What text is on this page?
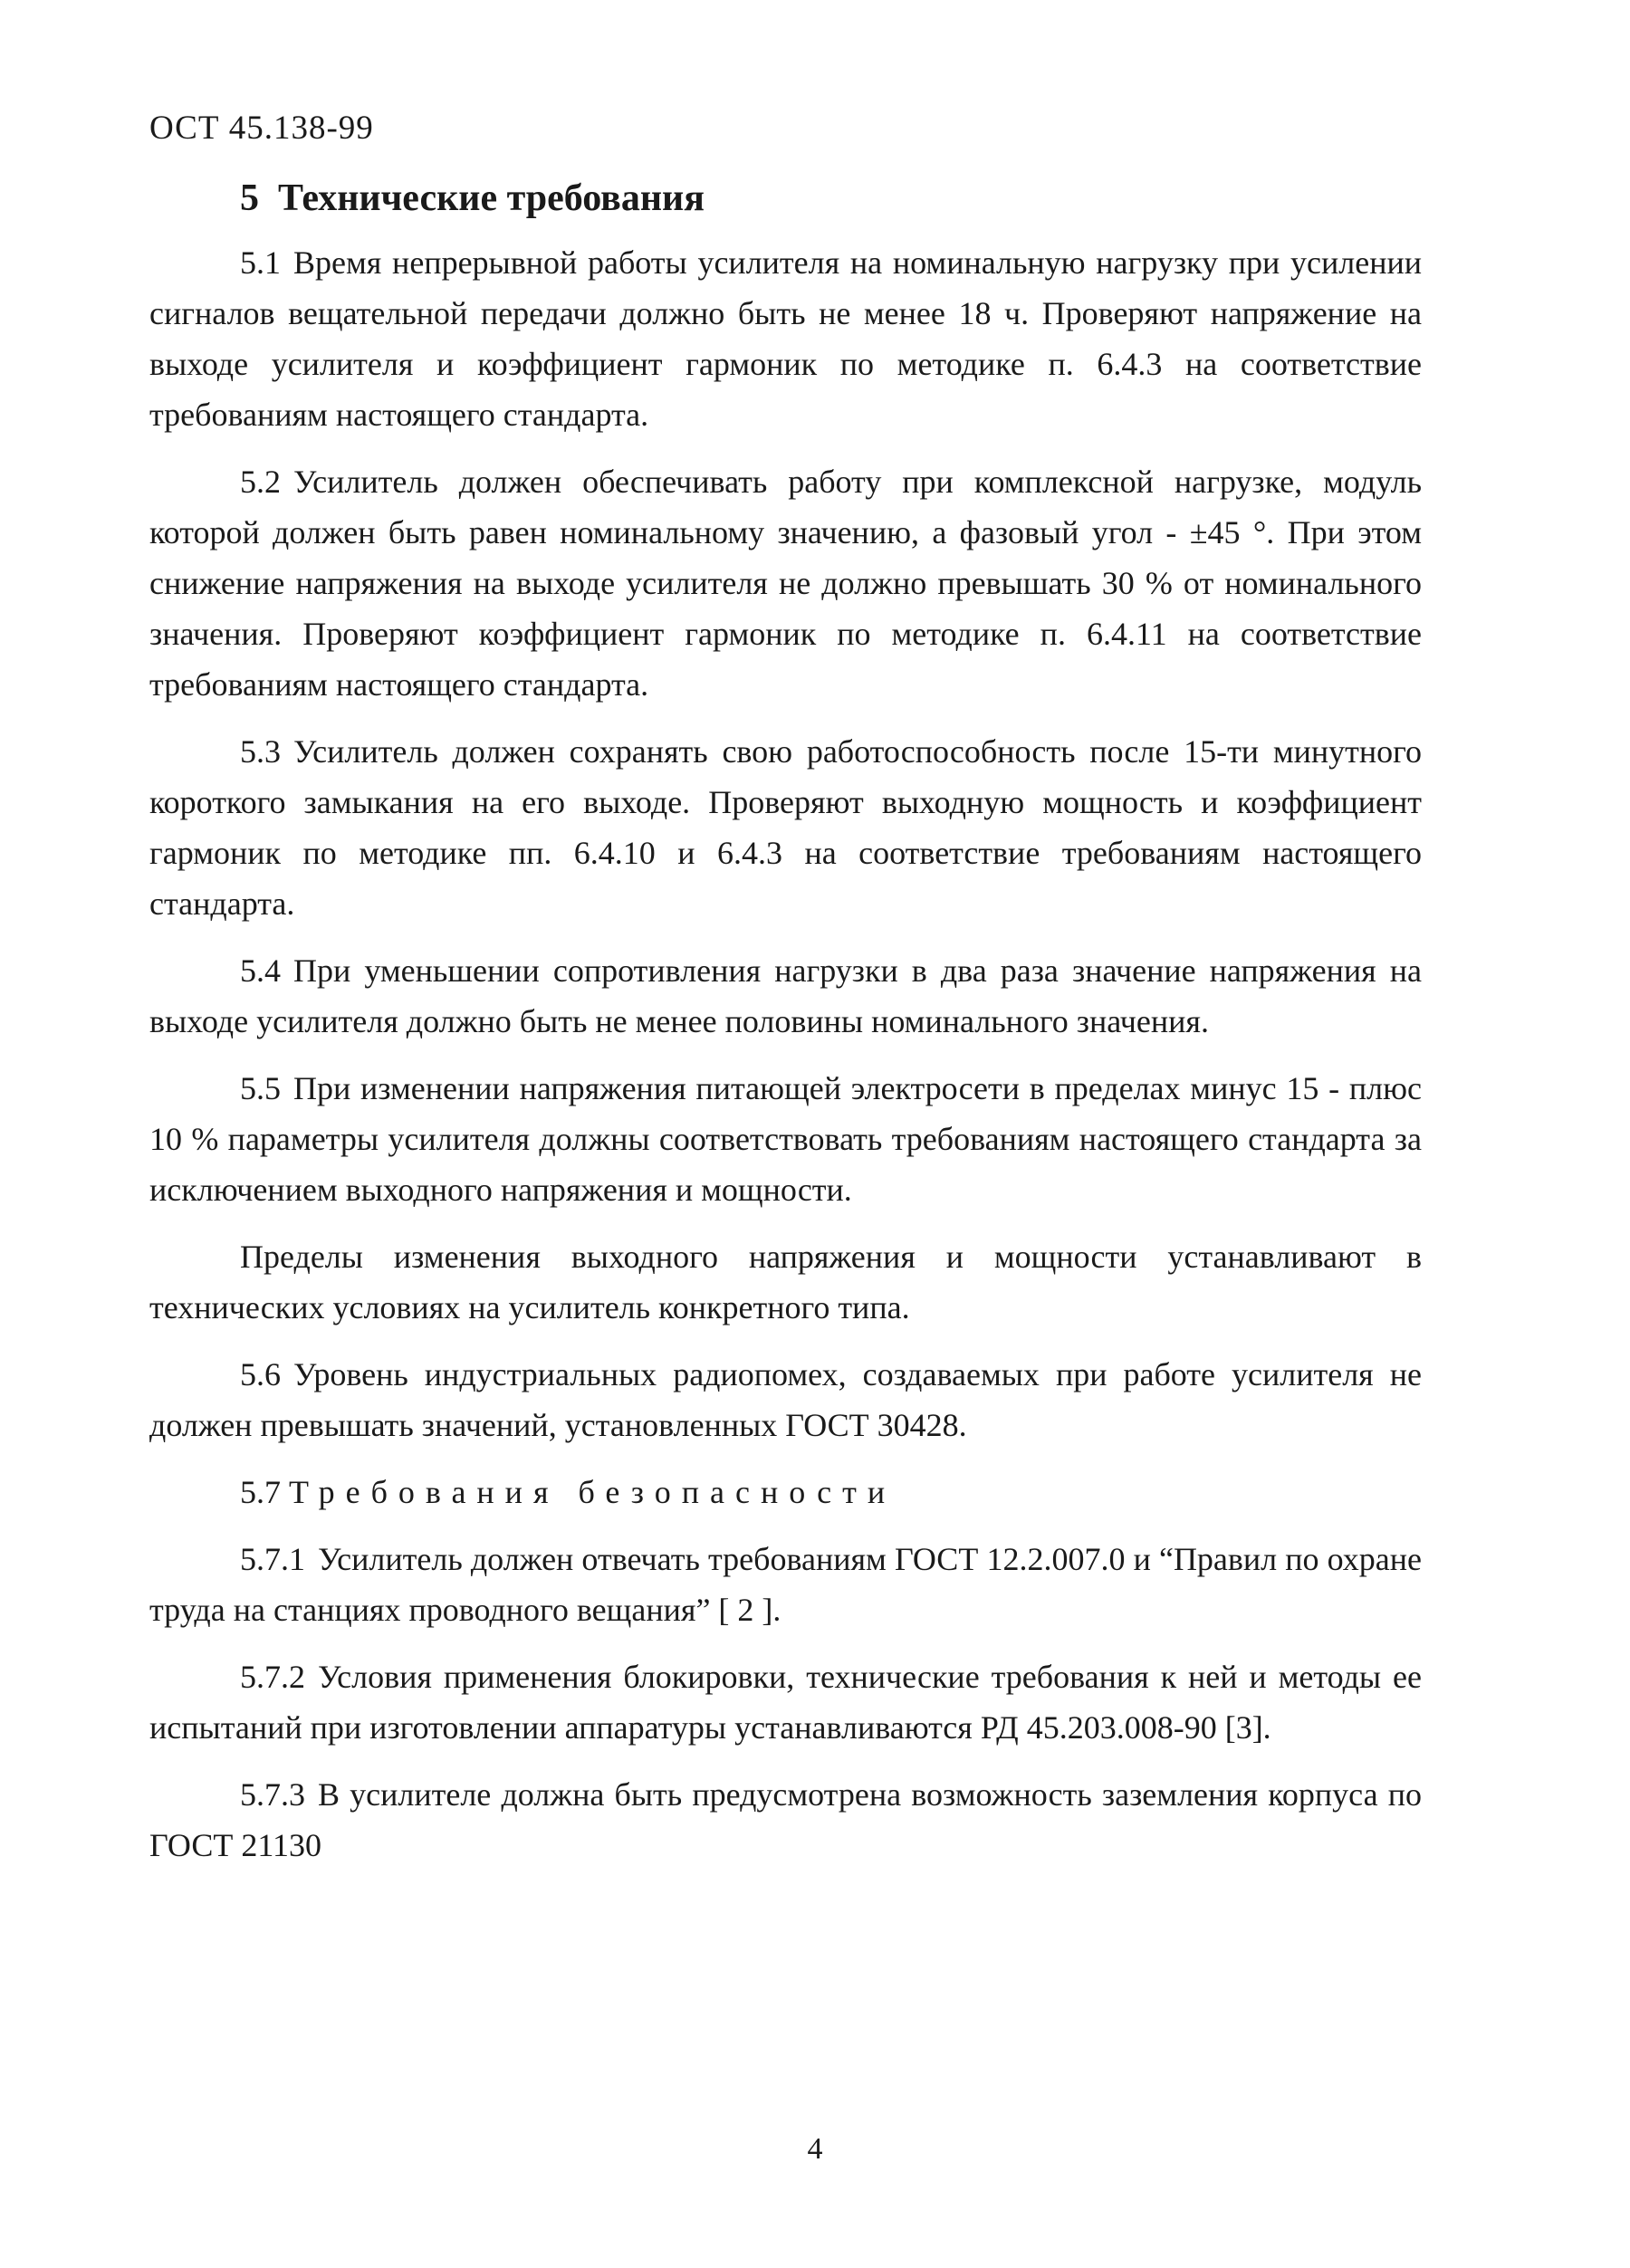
ОСТ 45.138-99
5 Технические требования

5.1 Время непрерывной работы усилителя на номинальную нагрузку при усилении сигналов вещательной передачи должно быть не менее 18 ч. Проверяют напряжение на выходе усилителя и коэффициент гармоник по методике п. 6.4.3 на соответствие требованиям настоящего стандарта.

5.2 Усилитель должен обеспечивать работу при комплексной нагрузке, модуль которой должен быть равен номинальному значению, а фазовый угол - ±45 °. При этом снижение напряжения на выходе усилителя не должно превышать 30 % от номинального значения. Проверяют коэффициент гармоник по методике п. 6.4.11 на соответствие требованиям настоящего стандарта.

5.3 Усилитель должен сохранять свою работоспособность после 15-ти минутного короткого замыкания на его выходе. Проверяют выходную мощность и коэффициент гармоник по методике пп. 6.4.10 и 6.4.3 на соответствие требованиям настоящего стандарта.

5.4 При уменьшении сопротивления нагрузки в два раза значение напряжения на выходе усилителя должно быть не менее половины номинального значения.

5.5 При изменении напряжения питающей электросети в пределах минус 15 - плюс 10 % параметры усилителя должны соответствовать требованиям настоящего стандарта за исключением выходного напряжения и мощности.

Пределы изменения выходного напряжения и мощности устанавливают в технических условиях на усилитель конкретного типа.

5.6 Уровень индустриальных радиопомех, создаваемых при работе усилителя не должен превышать значений, установленных ГОСТ 30428.

5.7 Требования безопасности

5.7.1 Усилитель должен отвечать требованиям ГОСТ 12.2.007.0 и “Правил по охране труда на станциях проводного вещания” [ 2 ].

5.7.2 Условия применения блокировки, технические требования к ней и методы ее испытаний при изготовлении аппаратуры устанавливаются РД 45.203.008-90 [3].

5.7.3 В усилителе должна быть предусмотрена возможность заземления корпуса по ГОСТ 21130

4
